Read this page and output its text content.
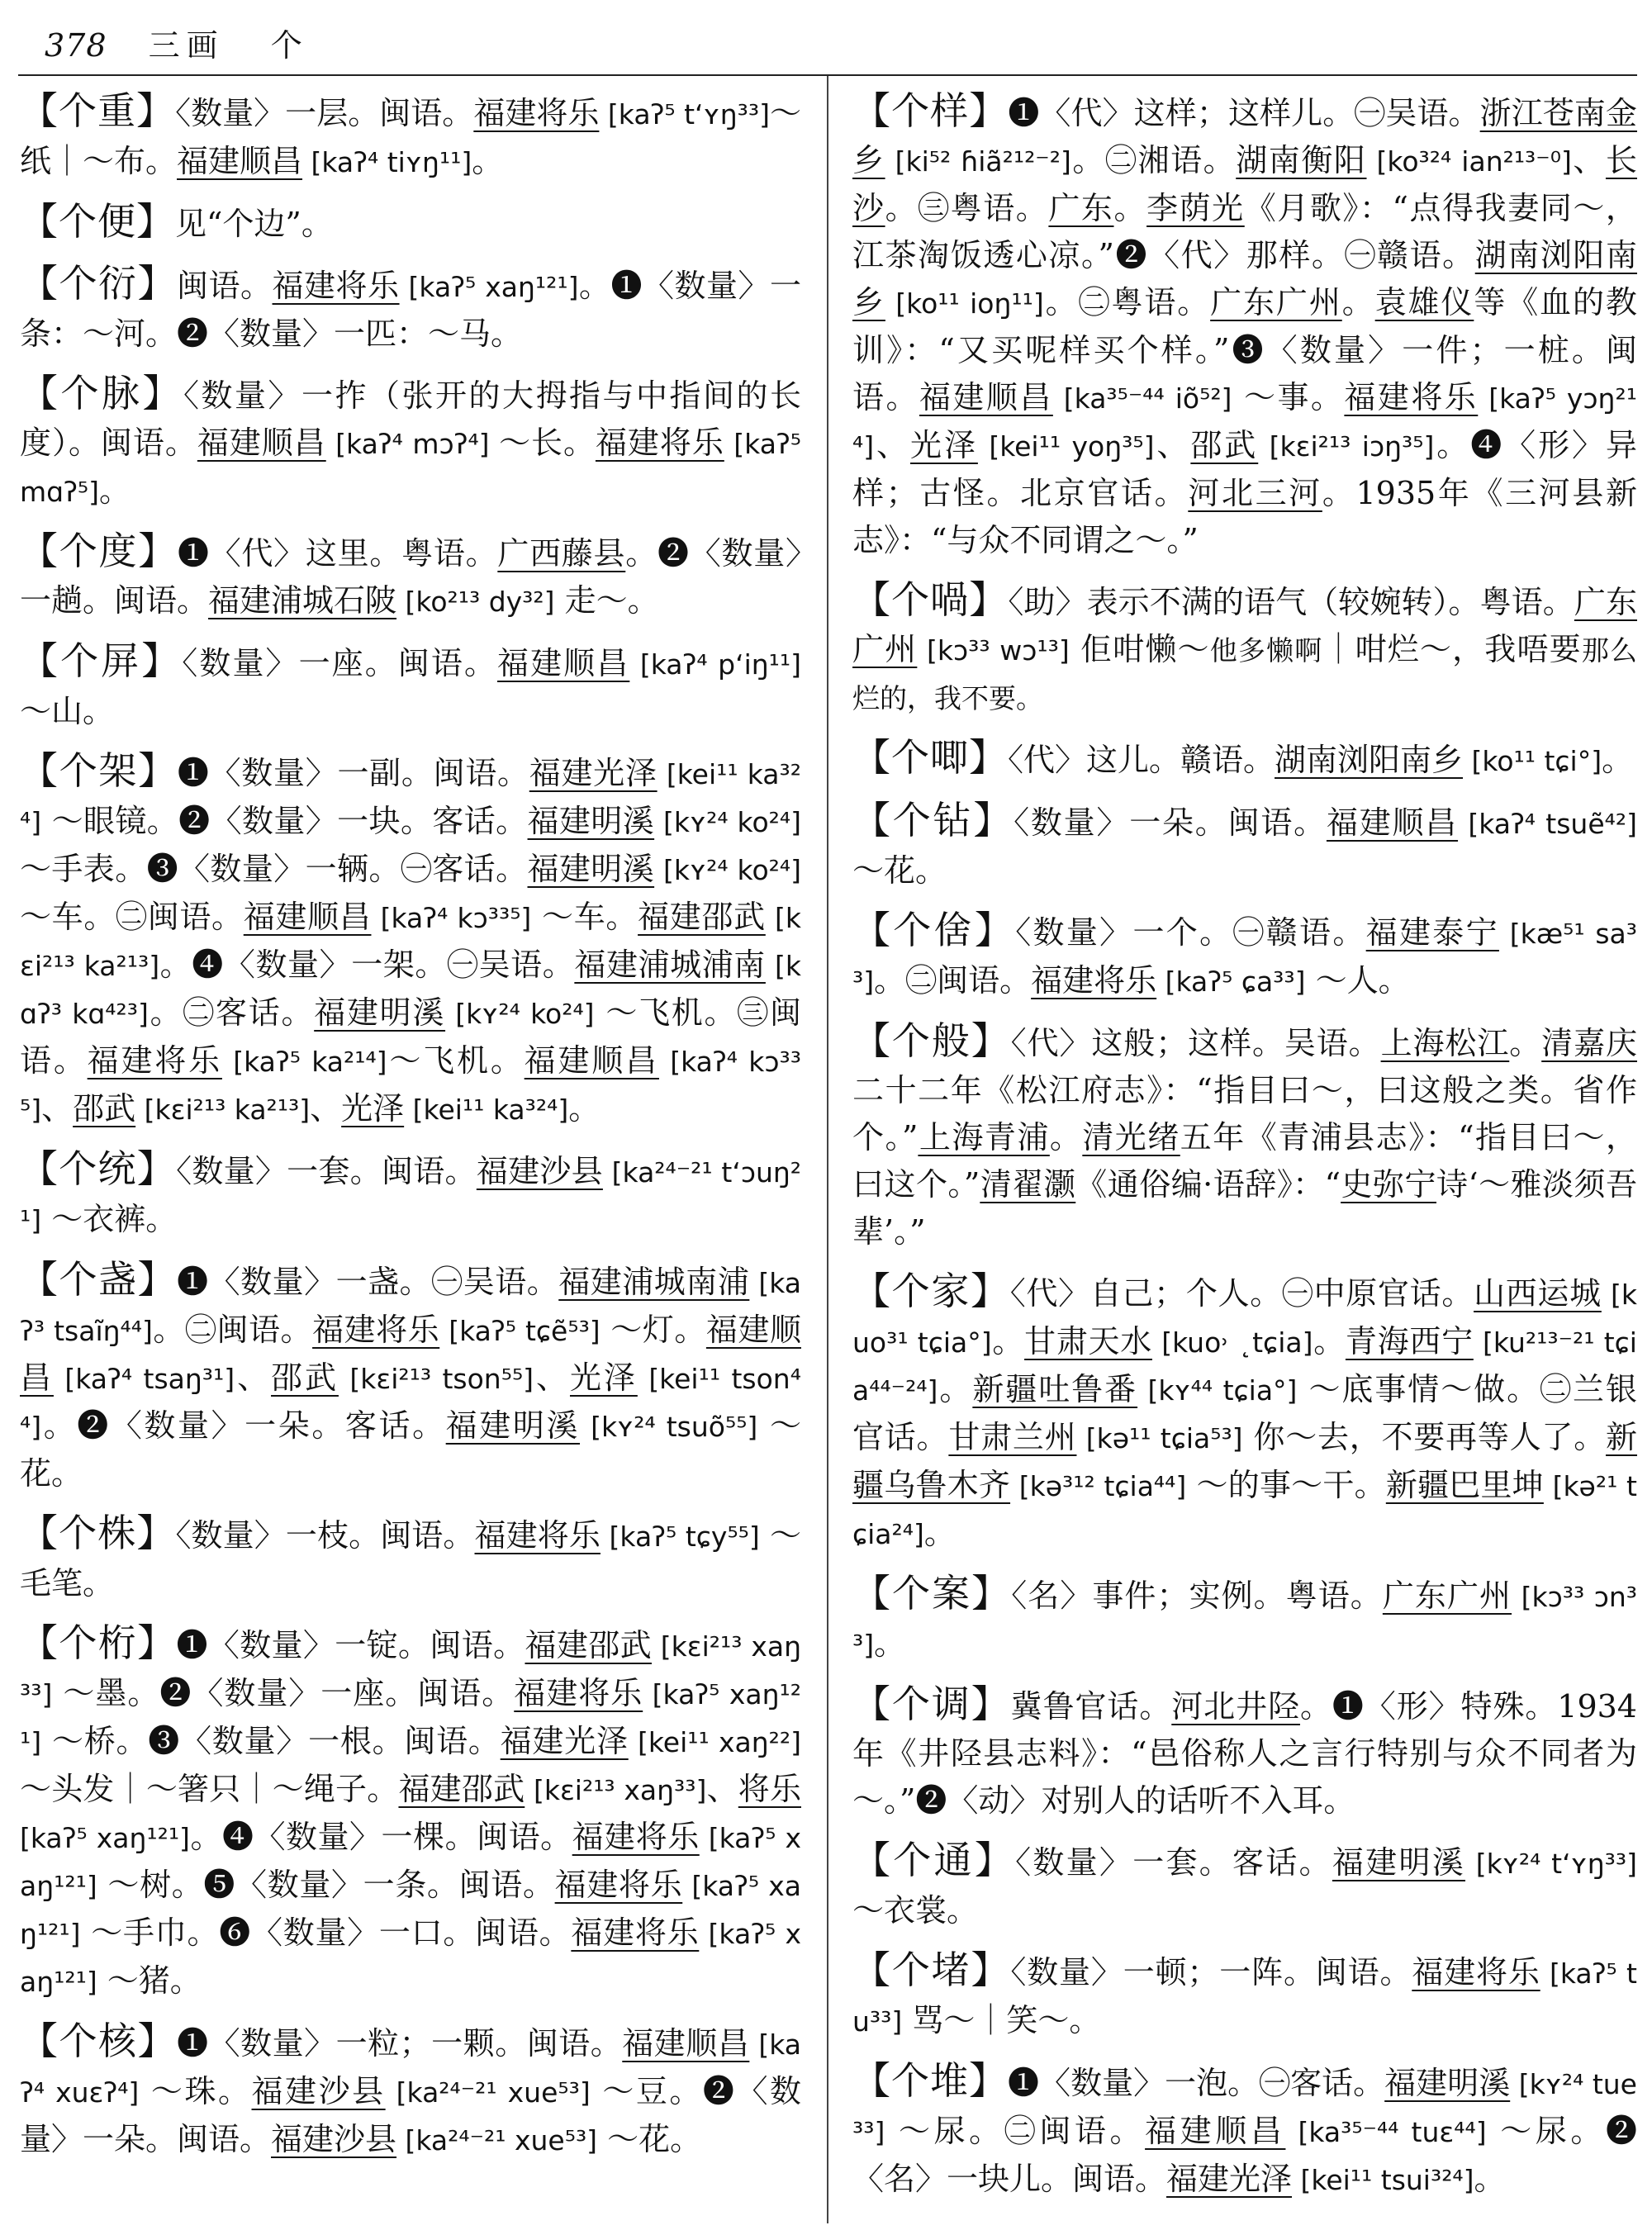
378 三画 个
【个重】〈数量〉一层。闽语。福建将乐 [kaʔ⁵ tʻʏŋ³³]～纸｜～布。福建顺昌 [kaʔ⁴ tiʏŋ¹¹]。
【个便】见“个边”。
【个衍】闽语。福建将乐 [kaʔ⁵ xaŋ¹²¹]。❶〈数量〉一条：～河。❷〈数量〉一匹：～马。
【个脉】〈数量〉一拃（张开的大拇指与中指间的长度）。闽语。福建顺昌 [kaʔ⁴ mɔʔ⁴] ～长。福建将乐 [kaʔ⁵ mɑʔ⁵]。
【个度】❶〈代〉这里。粤语。广西藤县。❷〈数量〉一趟。闽语。福建浦城石陂 [ko²¹³ dy³²] 走～。
【个屏】〈数量〉一座。闽语。福建顺昌 [kaʔ⁴ pʻiŋ¹¹] ～山。
【个架】❶〈数量〉一副。闽语。福建光泽 [kei¹¹ ka³²⁴] ～眼镜。❷〈数量〉一块。客话。福建明溪 [kʏ²⁴ ko²⁴] ～手表。❸〈数量〉一辆。㊀客话。福建明溪 [kʏ²⁴ ko²⁴] ～车。㊁闽语。福建顺昌 [kaʔ⁴ kɔ³³⁵] ～车。福建邵武 [kɛi²¹³ ka²¹³]。❹〈数量〉一架。㊀吴语。福建浦城浦南 [kɑʔ³ kɑ⁴²³]。㊁客话。福建明溪 [kʏ²⁴ ko²⁴] ～飞机。㊂闽语。福建将乐 [kaʔ⁵ ka²¹⁴]～飞机。福建顺昌 [kaʔ⁴ kɔ³³⁵]、邵武 [kɛi²¹³ ka²¹³]、光泽 [kei¹¹ ka³²⁴]。
【个统】〈数量〉一套。闽语。福建沙县 [ka²⁴⁻²¹ tʻɔuŋ²¹] ～衣裤。
【个盏】❶〈数量〉一盏。㊀吴语。福建浦城南浦 [kaʔ³ tsaĩŋ⁴⁴]。㊁闽语。福建将乐 [kaʔ⁵ tɕẽ⁵³] ～灯。福建顺昌 [kaʔ⁴ tsaŋ³¹]、邵武 [kɛi²¹³ tson⁵⁵]、光泽 [kei¹¹ tson⁴⁴]。❷〈数量〉一朵。客话。福建明溪 [kʏ²⁴ tsuõ⁵⁵] ～花。
【个株】〈数量〉一枝。闽语。福建将乐 [kaʔ⁵ tɕy⁵⁵] ～毛笔。
【个桁】❶〈数量〉一锭。闽语。福建邵武 [kɛi²¹³ xaŋ³³] ～墨。❷〈数量〉一座。闽语。福建将乐 [kaʔ⁵ xaŋ¹²¹] ～桥。❸〈数量〉一根。闽语。福建光泽 [kei¹¹ xaŋ²²] ～头发｜～箸只｜～绳子。福建邵武 [kɛi²¹³ xaŋ³³]、将乐 [kaʔ⁵ xaŋ¹²¹]。❹〈数量〉一棵。闽语。福建将乐 [kaʔ⁵ xaŋ¹²¹] ～树。❺〈数量〉一条。闽语。福建将乐 [kaʔ⁵ xaŋ¹²¹] ～手巾。❻〈数量〉一口。闽语。福建将乐 [kaʔ⁵ xaŋ¹²¹] ～猪。
【个核】❶〈数量〉一粒；一颗。闽语。福建顺昌 [kaʔ⁴ xuɛʔ⁴] ～珠。福建沙县 [ka²⁴⁻²¹ xue⁵³] ～豆。❷〈数量〉一朵。闽语。福建沙县 [ka²⁴⁻²¹ xue⁵³] ～花。
【个样】❶〈代〉这样；这样儿。㊀吴语。浙江苍南金乡 [ki⁵² ɦiã²¹²⁻²]。㊁湘语。湖南衡阳 [ko³²⁴ ian²¹³⁻⁰]、长沙。㊂粤语。广东。李荫光《月歌》：“点得我妻同～，江茶淘饭透心凉。”❷〈代〉那样。㊀赣语。湖南浏阳南乡 [ko¹¹ ioŋ¹¹]。㊁粤语。广东广州。袁雄仪等《血的教训》：“又买呢样买个样。”❸〈数量〉一件；一桩。闽语。福建顺昌 [ka³⁵⁻⁴⁴ iõ⁵²] ～事。福建将乐 [kaʔ⁵ yɔŋ²¹⁴]、光泽 [kei¹¹ yoŋ³⁵]、邵武 [kɛi²¹³ iɔŋ³⁵]。❹〈形〉异样；古怪。北京官话。河北三河。1935年《三河县新志》：“与众不同谓之～。”
【个喎】〈助〉表示不满的语气（较婉转）。粤语。广东广州 [kɔ³³ wɔ¹³] 佢咁懒～他多懒啊｜咁烂～，我唔要那么烂的，我不要。
【个唧】〈代〉这儿。赣语。湖南浏阳南乡 [ko¹¹ tɕi°]。
【个钻】〈数量〉一朵。闽语。福建顺昌 [kaʔ⁴ tsuẽ⁴²] ～花。
【个倽】〈数量〉一个。㊀赣语。福建泰宁 [kæ⁵¹ sa³³]。㊁闽语。福建将乐 [kaʔ⁵ ɕa³³] ～人。
【个般】〈代〉这般；这样。吴语。上海松江。清嘉庆二十二年《松江府志》：“指目曰～，曰这般之类。省作个。”上海青浦。清光绪五年《青浦县志》：“指目曰～，曰这个。”清翟灏《通俗编·语辞》：“史弥宁诗‘～雅淡须吾辈’。”
【个家】〈代〉自己；个人。㊀中原官话。山西运城 [kuo³¹ tɕia°]。甘肃天水 [kuo˒ ˛tɕia]。青海西宁 [ku²¹³⁻²¹ tɕia⁴⁴⁻²⁴]。新疆吐鲁番 [kʏ⁴⁴ tɕia°] ～底事情～做。㊁兰银官话。甘肃兰州 [kə¹¹ tɕia⁵³] 你～去，不要再等人了。新疆乌鲁木齐 [kə³¹² tɕia⁴⁴] ～的事～干。新疆巴里坤 [kə²¹ tɕia²⁴]。
【个案】〈名〉事件；实例。粤语。广东广州 [kɔ³³ ɔn³³]。
【个调】冀鲁官话。河北井陉。❶〈形〉特殊。1934年《井陉县志料》：“邑俗称人之言行特别与众不同者为～。”❷〈动〉对别人的话听不入耳。
【个通】〈数量〉一套。客话。福建明溪 [kʏ²⁴ tʻʏŋ³³] ～衣裳。
【个堵】〈数量〉一顿；一阵。闽语。福建将乐 [kaʔ⁵ tu³³] 骂～｜笑～。
【个堆】❶〈数量〉一泡。㊀客话。福建明溪 [kʏ²⁴ tue³³] ～尿。㊁闽语。福建顺昌 [ka³⁵⁻⁴⁴ tuɛ⁴⁴] ～尿。❷〈名〉一块儿。闽语。福建光泽 [kei¹¹ tsui³²⁴]。
